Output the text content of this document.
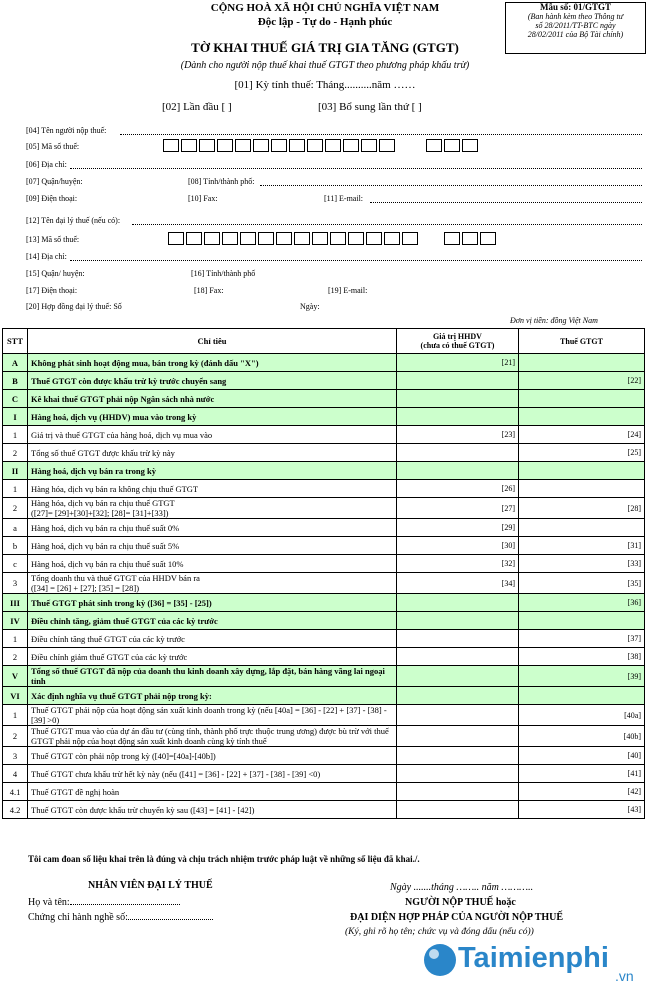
CỘNG HOÀ XÃ HỘI CHỦ NGHĨA VIỆT NAM
Độc lập - Tự do - Hạnh phúc
Mẫu số: 01/GTGT
(Ban hành kèm theo Thông tư
số 28/2011/TT-BTC ngày
28/02/2011 của Bộ Tài chính)
TỜ KHAI THUẾ GIÁ TRỊ GIA TĂNG (GTGT)
(Dành cho người nộp thuế khai thuế GTGT theo phương pháp khấu trừ)
[01] Kỳ tính thuế: Tháng..........năm ……
[02] Lần đầu [ ]	[03] Bổ sung lần thứ [ ]
[04] Tên người nộp thuế:
[05] Mã số thuế:
[06] Địa chỉ:
[07] Quận/huyện:	[08] Tỉnh/thành phố:
[09] Điện thoại:	[10] Fax:	[11] E-mail:
[12] Tên đại lý thuế (nếu có):
[13] Mã số thuế:
[14] Địa chỉ:
[15] Quận/ huyện:	[16] Tỉnh/thành phố
[17] Điện thoại:	[18] Fax:	[19] E-mail:
[20] Hợp đồng đại lý thuế: Số	Ngày:
Đơn vị tiền: đồng Việt Nam
STT	Chỉ tiêu	Giá trị HHDV
(chưa có thuế GTGT)	Thuế GTGT
A	Không phát sinh hoạt động mua, bán trong kỳ (đánh dấu "X")	[21]	
B	Thuế GTGT còn được khấu trừ kỳ trước chuyển sang		[22]
C	Kê khai thuế GTGT phải nộp Ngân sách nhà nước		
I	Hàng hoá, dịch vụ (HHDV) mua vào trong kỳ		
1	Giá trị và thuế GTGT của hàng hoá, dịch vụ mua vào	[23]	[24]
2	Tổng số thuế GTGT được khấu trừ kỳ này		[25]
II	Hàng hoá, dịch vụ bán ra trong kỳ		
1	Hàng hóa, dịch vụ bán ra không chịu thuế GTGT	[26]	
2	Hàng hóa, dịch vụ bán ra chịu thuế GTGT
([27]= [29]+[30]+[32]; [28]= [31]+[33])	[27]	[28]
a	Hàng hoá, dịch vụ bán ra chịu thuế suất 0%	[29]	
b	Hàng hoá, dịch vụ bán ra chịu thuế suất 5%	[30]	[31]
c	Hàng hoá, dịch vụ bán ra chịu thuế suất 10%	[32]	[33]
3	Tổng doanh thu và thuế GTGT của HHDV bán ra
([34] = [26] + [27]; [35] = [28])	[34]	[35]
III	Thuế GTGT phát sinh trong kỳ ([36] = [35] - [25])		[36]
IV	Điều chỉnh tăng, giảm thuế GTGT của các kỳ trước		
1	Điều chỉnh tăng thuế GTGT của các kỳ trước		[37]
2	Điều chỉnh giảm thuế GTGT của các kỳ trước		[38]
V	Tổng số thuế GTGT đã nộp của doanh thu kinh doanh xây dựng, lắp đặt, bán hàng vãng lai ngoại tỉnh		[39]
VI	Xác định nghĩa vụ thuế GTGT phải nộp trong kỳ:		
1	Thuế GTGT phải nộp của hoạt động sản xuất kinh doanh trong kỳ (nếu [40a] = [36] - [22] + [37] - [38] - [39] >0)		[40a]
2	Thuế GTGT mua vào của dự án đầu tư (cùng tỉnh, thành phố trực thuộc trung ương) được bù trừ với thuế GTGT phải nộp của hoạt động sản xuất kinh doanh cùng kỳ tính thuế		[40b]
3	Thuế GTGT còn phải nộp trong kỳ ([40]=[40a]-[40b])		[40]
4	Thuế GTGT chưa khấu trừ hết kỳ này (nếu ([41] = [36] - [22] + [37] - [38] - [39] <0)		[41]
4.1	Thuế GTGT đề nghị hoàn		[42]
4.2	Thuế GTGT còn được khấu trừ chuyển kỳ sau ([43] = [41] - [42])		[43]
Tôi cam đoan số liệu khai trên là đúng và chịu trách nhiệm trước pháp luật về những số liệu đã khai./.
NHÂN VIÊN ĐẠI LÝ THUẾ
Họ và tên:
Chứng chỉ hành nghề số:
Ngày .......tháng …….. năm ………..
NGƯỜI NỘP THUẾ hoặc
ĐẠI DIỆN HỢP PHÁP CỦA NGƯỜI NỘP THUẾ
(Ký, ghi rõ họ tên; chức vụ và đóng dấu (nếu có))
Taimienphi
.vn
